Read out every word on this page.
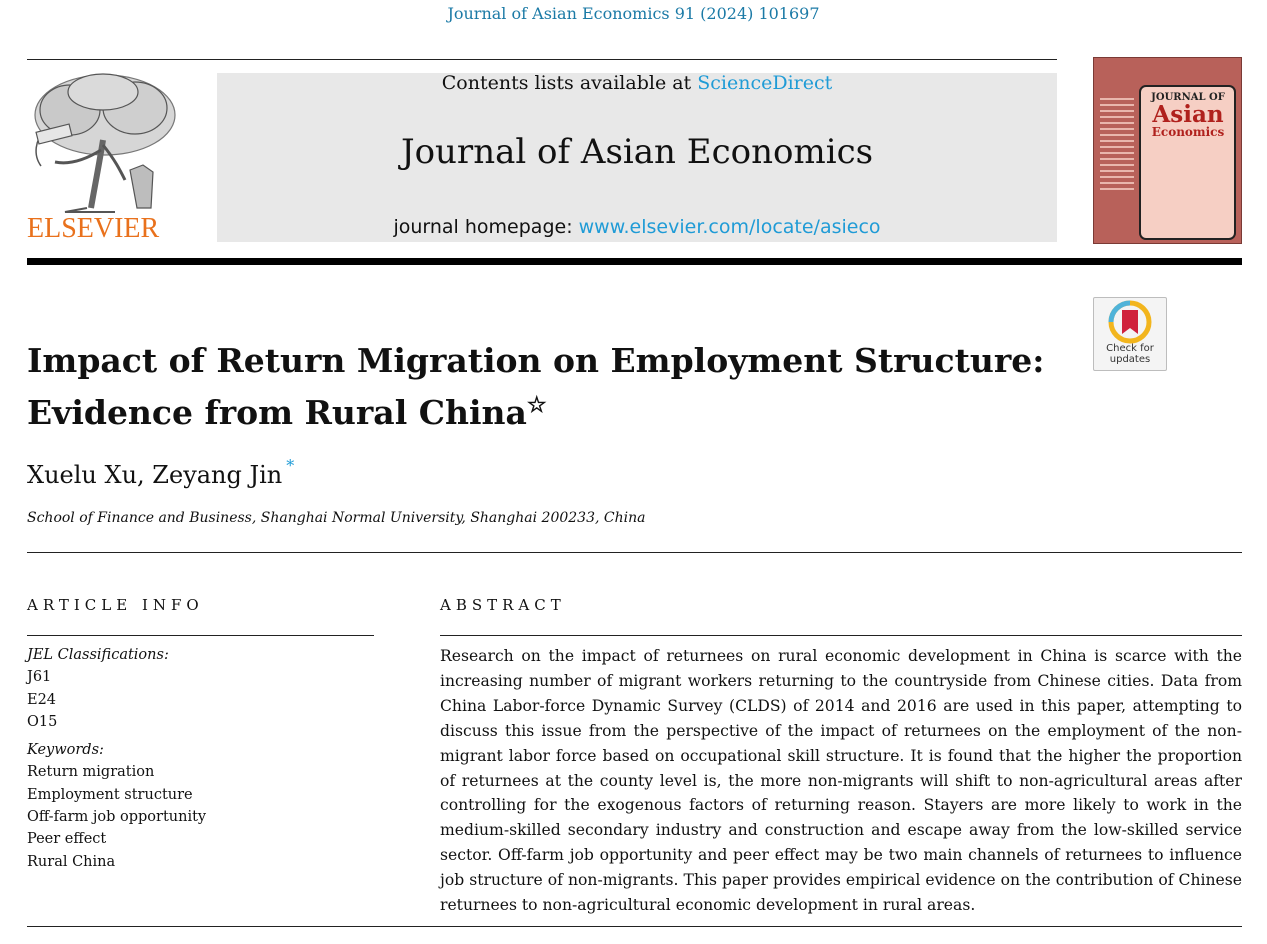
Journal of Asian Economics 91 (2024) 101697
ELSEVIER
Contents lists available at ScienceDirect
Journal of Asian Economics
journal homepage: www.elsevier.com/locate/asieco
JOURNAL OF
Asian
Economics
Check for
updates
Impact of Return Migration on Employment Structure: Evidence from Rural China☆
Xuelu Xu, Zeyang Jin *
School of Finance and Business, Shanghai Normal University, Shanghai 200233, China
ARTICLE INFO	ABSTRACT
JEL Classifications:
J61
E24
O15
Keywords:
Return migration
Employment structure
Off-farm job opportunity
Peer effect
Rural China

Research on the impact of returnees on rural economic development in China is scarce with the increasing number of migrant workers returning to the countryside from Chinese cities. Data from China Labor-force Dynamic Survey (CLDS) of 2014 and 2016 are used in this paper, attempting to discuss this issue from the perspective of the impact of returnees on the employment of the non-migrant labor force based on occupational skill structure. It is found that the higher the proportion of returnees at the county level is, the more non-migrants will shift to non-agricultural areas after controlling for the exogenous factors of returning reason. Stayers are more likely to work in the medium-skilled secondary industry and construction and escape away from the low-skilled service sector. Off-farm job opportunity and peer effect may be two main channels of returnees to influence job structure of non-migrants. This paper provides empirical evidence on the contribution of Chinese returnees to non-agricultural economic development in rural areas.
